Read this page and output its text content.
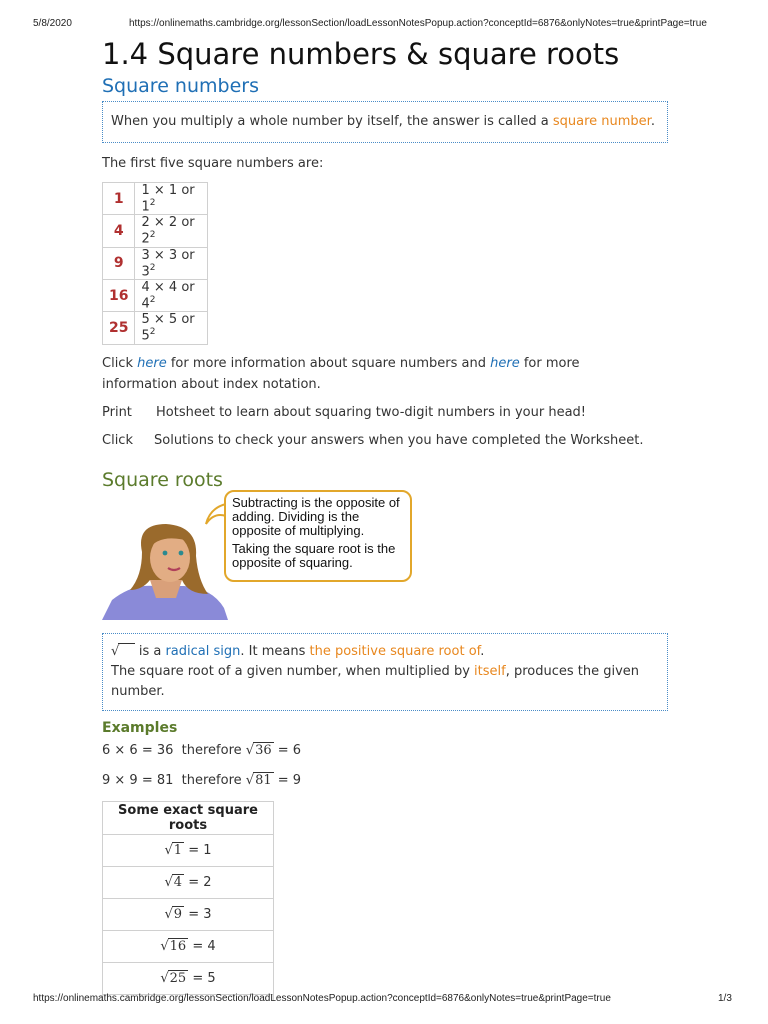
5/8/2020	https://onlinemaths.cambridge.org/lessonSection/loadLessonNotesPopup.action?conceptId=6876&onlyNotes=true&printPage=true
1.4 Square numbers & square roots
Square numbers
When you multiply a whole number by itself, the answer is called a square number.

The first five square numbers are:

1	1 × 1 or $1^2$
4	2 × 2 or $2^2$
9	3 × 3 or $3^2$
16	4 × 4 or $4^2$
25	5 × 5 or $5^2$

Click here for more information about square numbers and here for more information about index notation.

Print Hotsheet to learn about squaring two-digit numbers in your head!

Click Solutions to check your answers when you have completed the Worksheet.

Square roots

Subtracting is the opposite of adding. Dividing is the opposite of multiplying.

Taking the square root is the opposite of squaring.

√    is a radical sign. It means the positive square root of.
The square root of a given number, when multiplied by itself, produces the given number.
Examples

6 × 6 = 36  therefore √36 = 6

9 × 9 = 81  therefore √81 = 9

Some exact square roots
√1 = 1
√4 = 2
√9 = 3
√16 = 4
√25 = 5
https://onlinemaths.cambridge.org/lessonSection/loadLessonNotesPopup.action?conceptId=6876&onlyNotes=true&printPage=true	1/3
